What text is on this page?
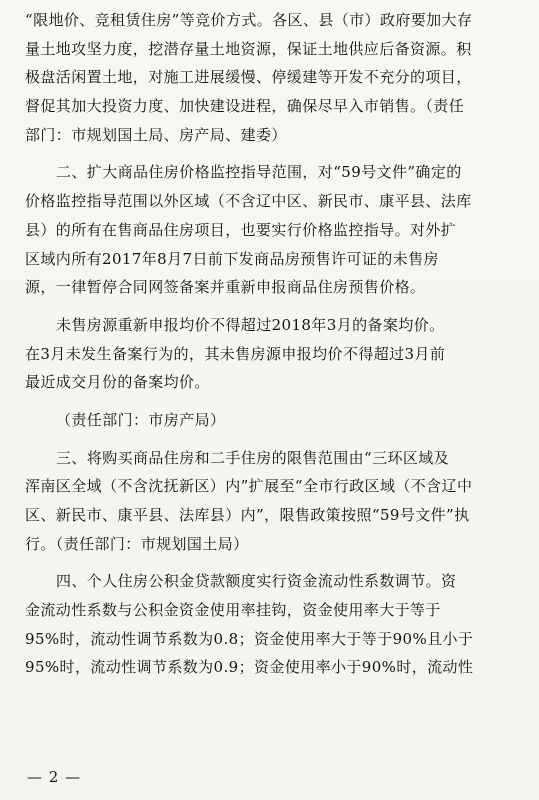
“限地价、竞租赁住房”等竞价方式。各区、县（市）政府要加大存
量土地攻坚力度，挖潜存量土地资源，保证土地供应后备资源。积
极盘活闲置土地，对施工进展缓慢、停缓建等开发不充分的项目，
督促其加大投资力度、加快建设进程，确保尽早入市销售。（责任
部门：市规划国土局、房产局、建委）
二、扩大商品住房价格监控指导范围，对“59号文件”确定的
价格监控指导范围以外区域（不含辽中区、新民市、康平县、法库
县）的所有在售商品住房项目，也要实行价格监控指导。对外扩
区域内所有2017年8月7日前下发商品房预售许可证的未售房
源，一律暂停合同网签备案并重新申报商品住房预售价格。
未售房源重新申报均价不得超过2018年3月的备案均价。
在3月未发生备案行为的，其未售房源申报均价不得超过3月前
最近成交月份的备案均价。
（责任部门：市房产局）
三、将购买商品住房和二手住房的限售范围由“三环区域及
浑南区全域（不含沈抚新区）内”扩展至“全市行政区域（不含辽中
区、新民市、康平县、法库县）内”，限售政策按照“59号文件”执
行。（责任部门：市规划国土局）
四、个人住房公积金贷款额度实行资金流动性系数调节。资
金流动性系数与公积金资金使用率挂钩，资金使用率大于等于
95%时，流动性调节系数为0.8；资金使用率大于等于90%且小于
95%时，流动性调节系数为0.9；资金使用率小于90%时，流动性
— 2 —
